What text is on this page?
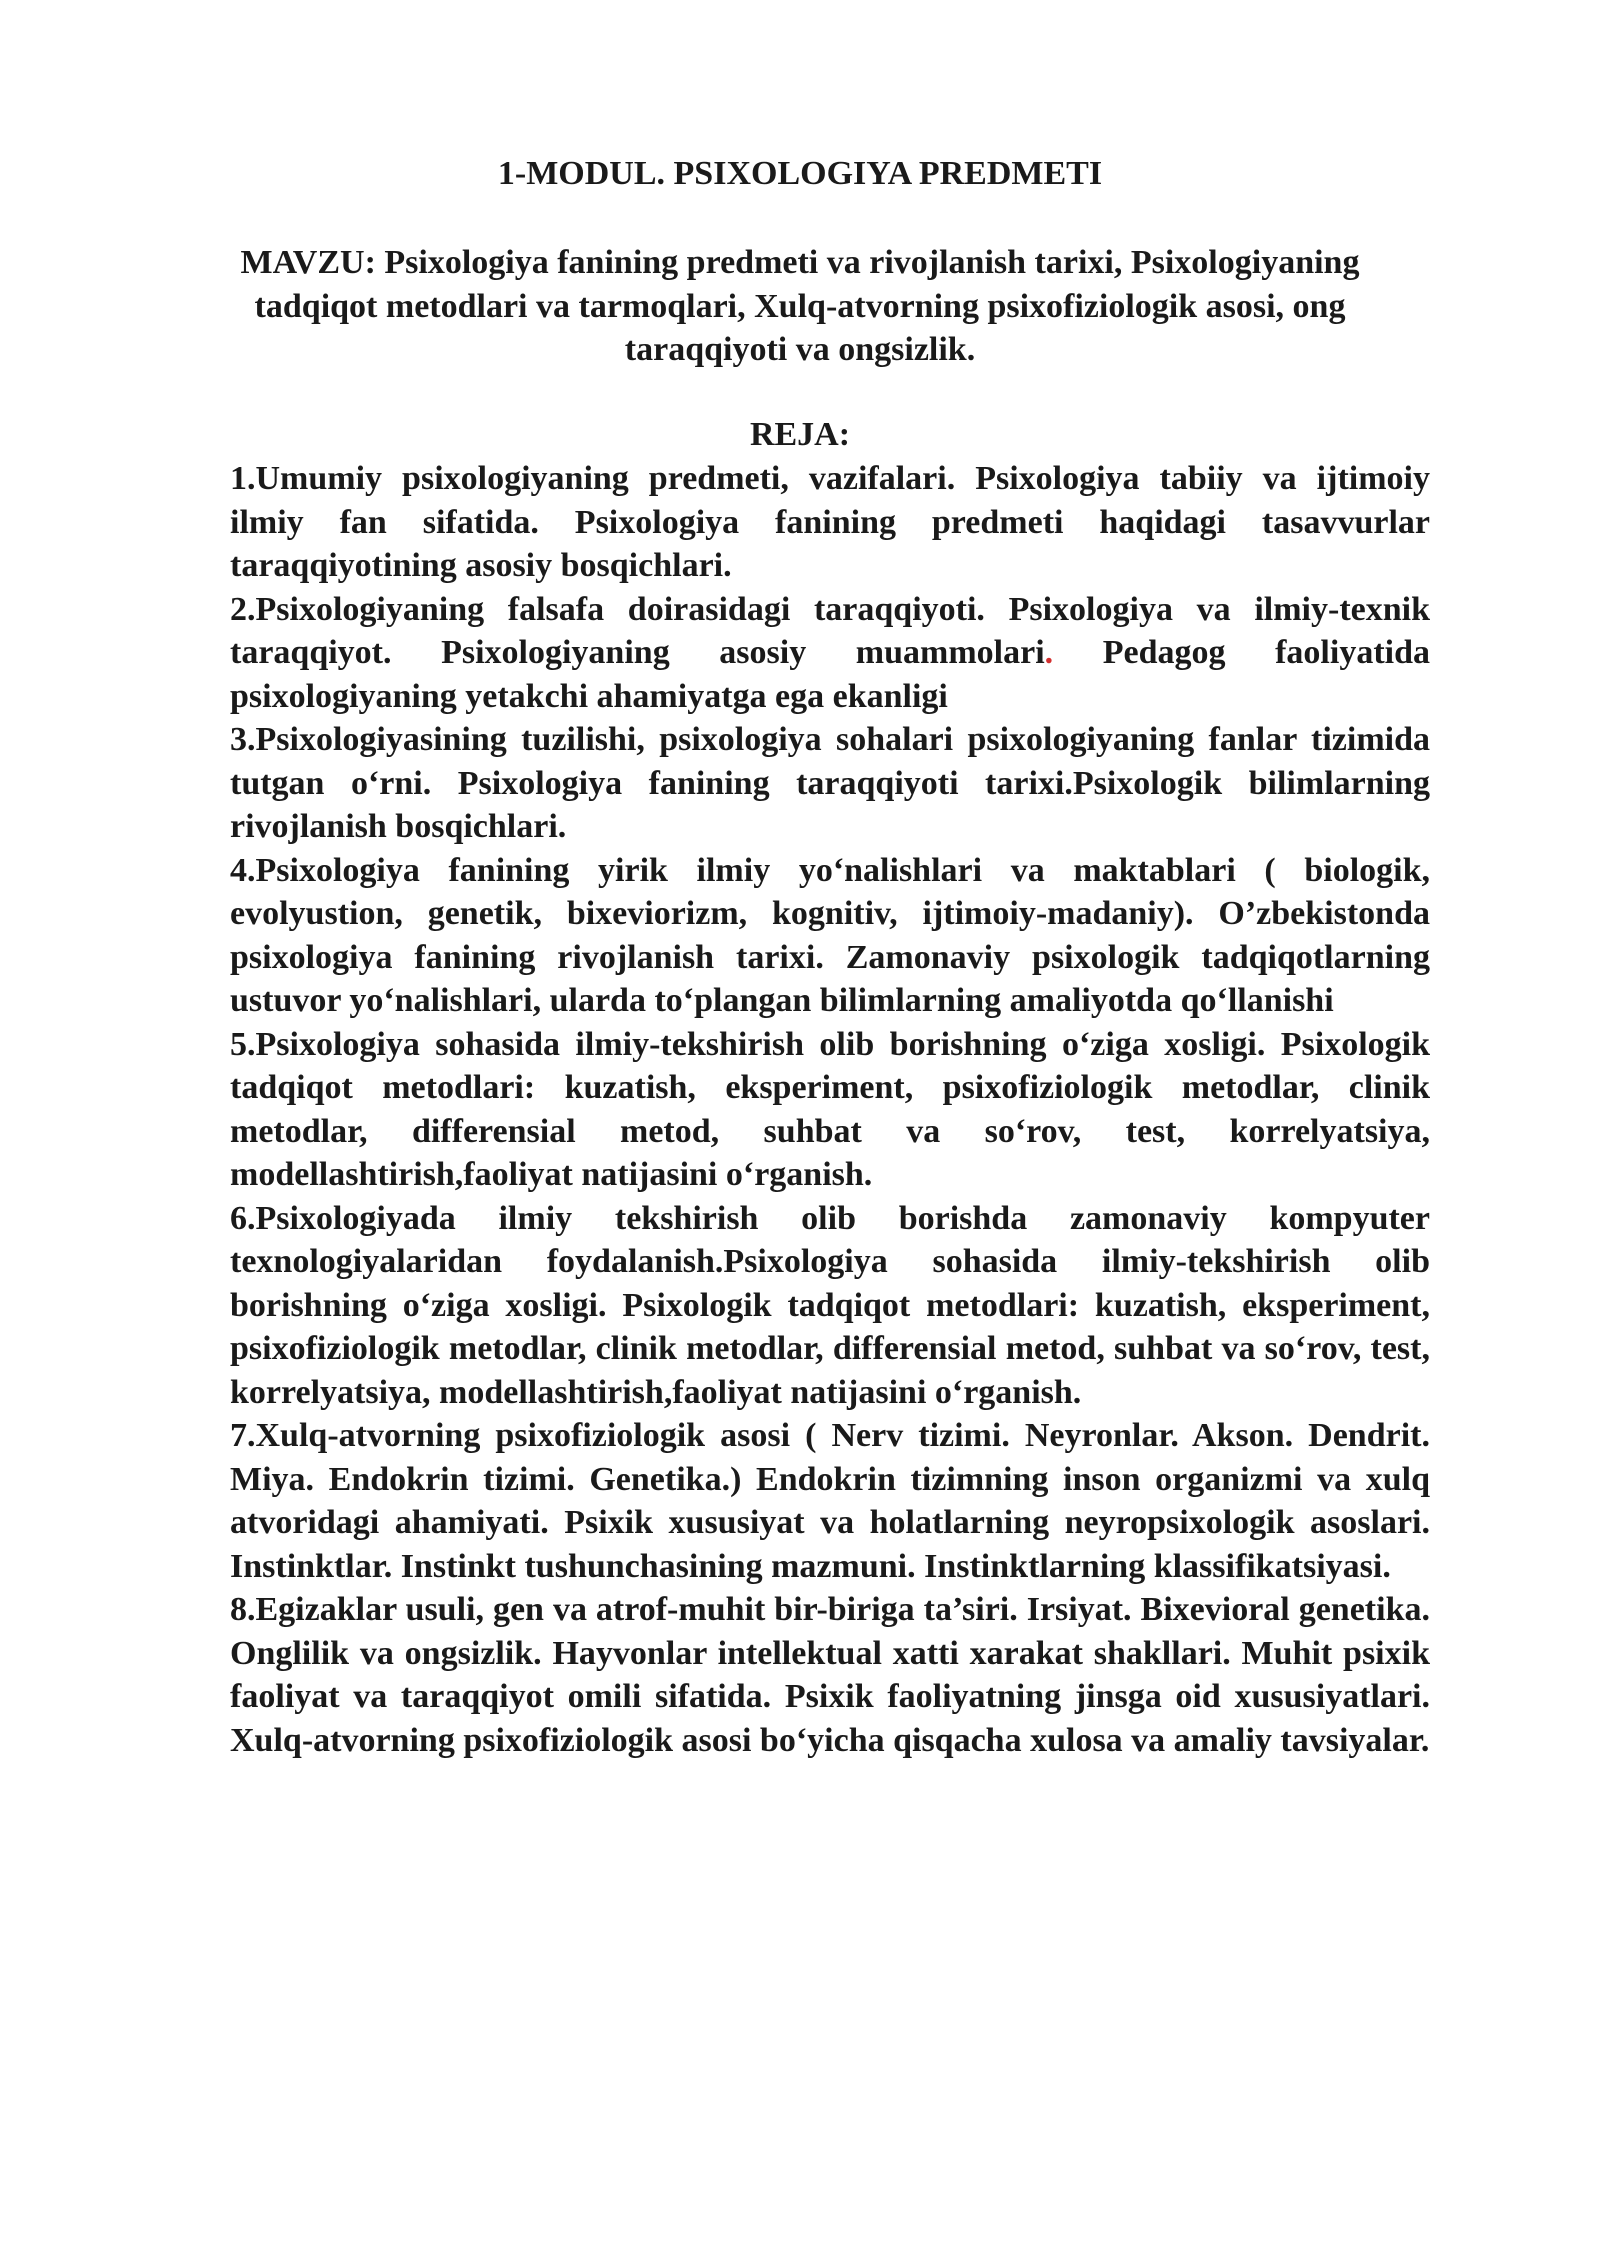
1-MODUL. PSIXOLOGIYA PREDMETI

MAVZU: Psixologiya fanining predmeti va rivojlanish tarixi, Psixologiyaning tadqiqot metodlari va tarmoqlari, Xulq-atvorning psixofiziologik asosi, ong taraqqiyoti va ongsizlik.

REJA:

1.Umumiy psixologiyaning predmeti, vazifalari. Psixologiya tabiiy va ijtimoiy ilmiy fan sifatida. Psixologiya fanining predmeti haqidagi tasavvurlar taraqqiyotining asosiy bosqichlari.
2.Psixologiyaning falsafa doirasidagi taraqqiyoti. Psixologiya va ilmiy-texnik taraqqiyot. Psixologiyaning asosiy muammolari. Pedagog faoliyatida psixologiyaning yetakchi ahamiyatga ega ekanligi
3.Psixologiyasining tuzilishi, psixologiya sohalari psixologiyaning fanlar tizimida tutgan o‘rni. Psixologiya fanining taraqqiyoti tarixi.Psixologik bilimlarning rivojlanish bosqichlari.
4.Psixologiya fanining yirik ilmiy yo‘nalishlari va maktablari ( biologik, evolyustion, genetik, bixeviorizm, kognitiv, ijtimoiy-madaniy). O’zbekistonda psixologiya fanining rivojlanish tarixi. Zamonaviy psixologik tadqiqotlarning ustuvor yo‘nalishlari, ularda to‘plangan bilimlarning amaliyotda qo‘llanishi
5.Psixologiya sohasida ilmiy-tekshirish olib borishning o‘ziga xosligi. Psixologik tadqiqot metodlari: kuzatish, eksperiment, psixofiziologik metodlar, clinik metodlar, differensial metod, suhbat va so‘rov, test, korrelyatsiya, modellashtirish,faoliyat natijasini o‘rganish.
6.Psixologiyada ilmiy tekshirish olib borishda zamonaviy kompyuter texnologiyalaridan foydalanish.Psixologiya sohasida ilmiy-tekshirish olib borishning o‘ziga xosligi. Psixologik tadqiqot metodlari: kuzatish, eksperiment, psixofiziologik metodlar, clinik metodlar, differensial metod, suhbat va so‘rov, test, korrelyatsiya, modellashtirish,faoliyat natijasini o‘rganish.
7.Xulq-atvorning psixofiziologik asosi ( Nerv tizimi. Neyronlar. Akson. Dendrit. Miya. Endokrin tizimi. Genetika.) Endokrin tizimning inson organizmi va xulq atvoridagi ahamiyati. Psixik xususiyat va holatlarning neyropsixologik asoslari. Instinktlar. Instinkt tushunchasining mazmuni. Instinktlarning klassifikatsiyasi.
8.Egizaklar usuli, gen va atrof-muhit bir-biriga ta’siri. Irsiyat. Bixevioral genetika. Onglilik va ongsizlik. Hayvonlar intellektual xatti xarakat shakllari. Muhit psixik faoliyat va taraqqiyot omili sifatida. Psixik faoliyatning jinsga oid xususiyatlari. Xulq-atvorning psixofiziologik asosi bo‘yicha qisqacha xulosa va amaliy tavsiyalar.
